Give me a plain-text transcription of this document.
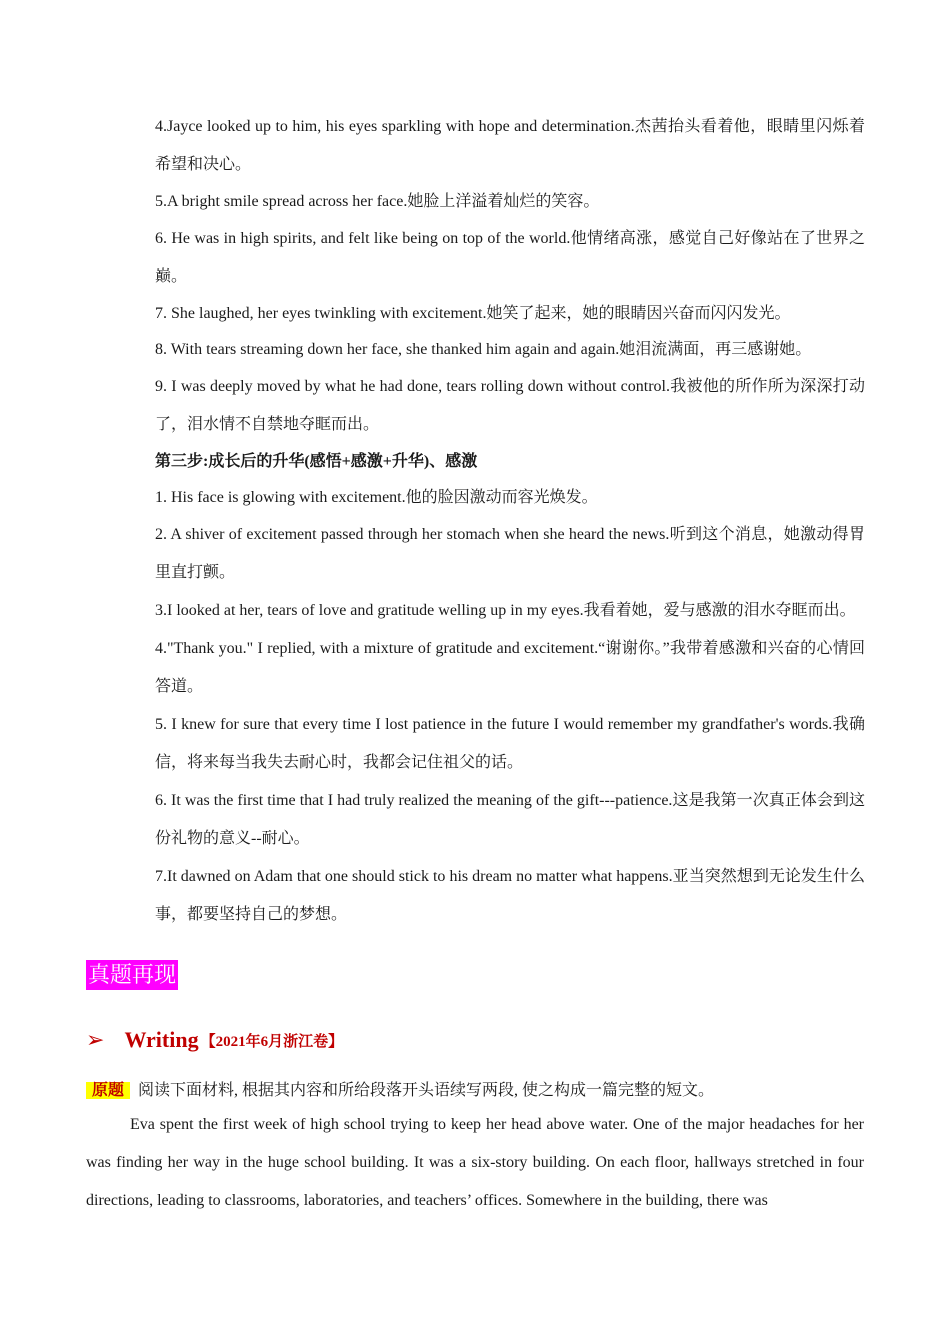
4.Jayce looked up to him, his eyes sparkling with hope and determination.杰茜抬头看着他，眼睛里闪烁着希望和决心。

5.A bright smile spread across her face.她脸上洋溢着灿烂的笑容。

6. He was in high spirits, and felt like being on top of the world.他情绪高涨，感觉自己好像站在了世界之巅。

7. She laughed, her eyes twinkling with excitement.她笑了起来，她的眼睛因兴奋而闪闪发光。

8. With tears streaming down her face, she thanked him again and again.她泪流满面，再三感谢她。

9. I was deeply moved by what he had done, tears rolling down without control.我被他的所作所为深深打动了，泪水情不自禁地夺眶而出。

第三步:成长后的升华(感悟+感激+升华)、感激

1. His face is glowing with excitement.他的脸因激动而容光焕发。

2. A shiver of excitement passed through her stomach when she heard the news.听到这个消息，她激动得胃里直打颤。

3.I looked at her, tears of love and gratitude welling up in my eyes.我看着她，爱与感激的泪水夺眶而出。

4."Thank you." I replied, with a mixture of gratitude and excitement.“谢谢你。”我带着感激和兴奋的心情回答道。

5. I knew for sure that every time I lost patience in the future I would remember my grandfather's words.我确信，将来每当我失去耐心时，我都会记住祖父的话。

6. It was the first time that I had truly realized the meaning of the gift---patience.这是我第一次真正体会到这份礼物的意义--耐心。

7.It dawned on Adam that one should stick to his dream no matter what happens.亚当突然想到无论发生什么事，都要坚持自己的梦想。

真题再现
➢ Writing 【2021年6月浙江卷】
原题 阅读下面材料, 根据其内容和所给段落开头语续写两段, 使之构成一篇完整的短文。

Eva spent the first week of high school trying to keep her head above water. One of the major headaches for her was finding her way in the huge school building. It was a six-story building. On each floor, hallways stretched in four directions, leading to classrooms, laboratories, and teachers’ offices. Somewhere in the building, there was
